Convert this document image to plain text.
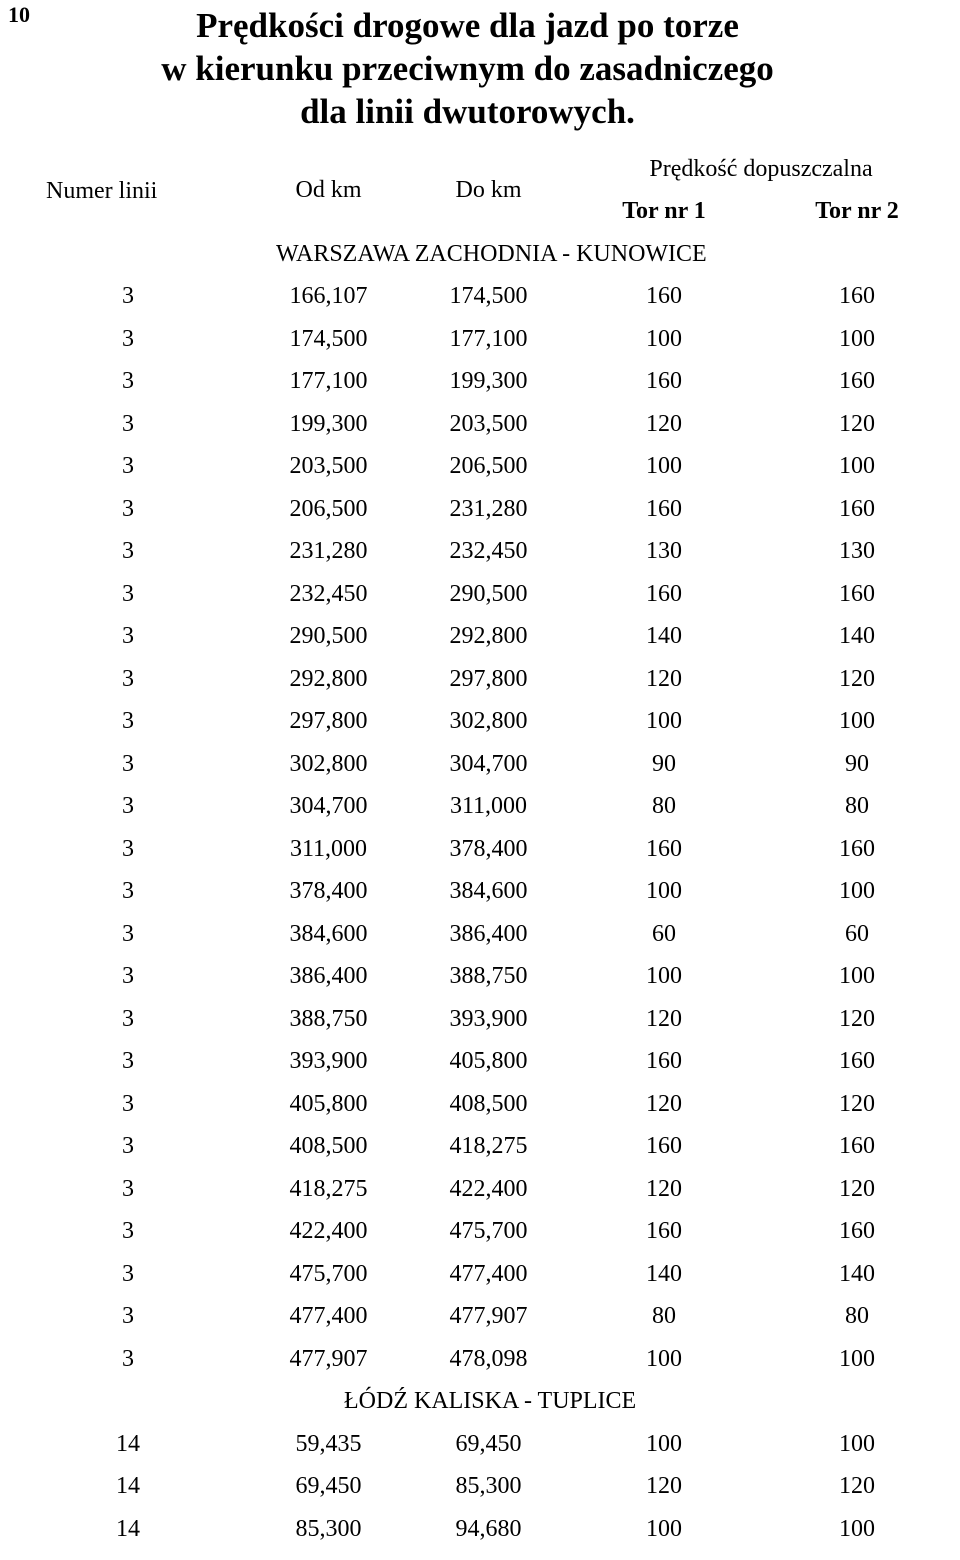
10	Prędkości drogowe dla jazd po torze
w kierunku przeciwnym do zasadniczego
dla linii dwutorowych.
Numer linii	Od km	Do km	Prędkość dopuszczalna	
			Tor nr 1	Tor nr 2
	WARSZAWA ZACHODNIA - KUNOWICE			
3	166,107	174,500	160	160
3	174,500	177,100	100	100
3	177,100	199,300	160	160
3	199,300	203,500	120	120
3	203,500	206,500	100	100
3	206,500	231,280	160	160
3	231,280	232,450	130	130
3	232,450	290,500	160	160
3	290,500	292,800	140	140
3	292,800	297,800	120	120
3	297,800	302,800	100	100
3	302,800	304,700	90	90
3	304,700	311,000	80	80
3	311,000	378,400	160	160
3	378,400	384,600	100	100
3	384,600	386,400	60	60
3	386,400	388,750	100	100
3	388,750	393,900	120	120
3	393,900	405,800	160	160
3	405,800	408,500	120	120
3	408,500	418,275	160	160
3	418,275	422,400	120	120
3	422,400	475,700	160	160
3	475,700	477,400	140	140
3	477,400	477,907	80	80
3	477,907	478,098	100	100
	ŁÓDŹ KALISKA - TUPLICE			
14	59,435	69,450	100	100
14	69,450	85,300	120	120
14	85,300	94,680	100	100
